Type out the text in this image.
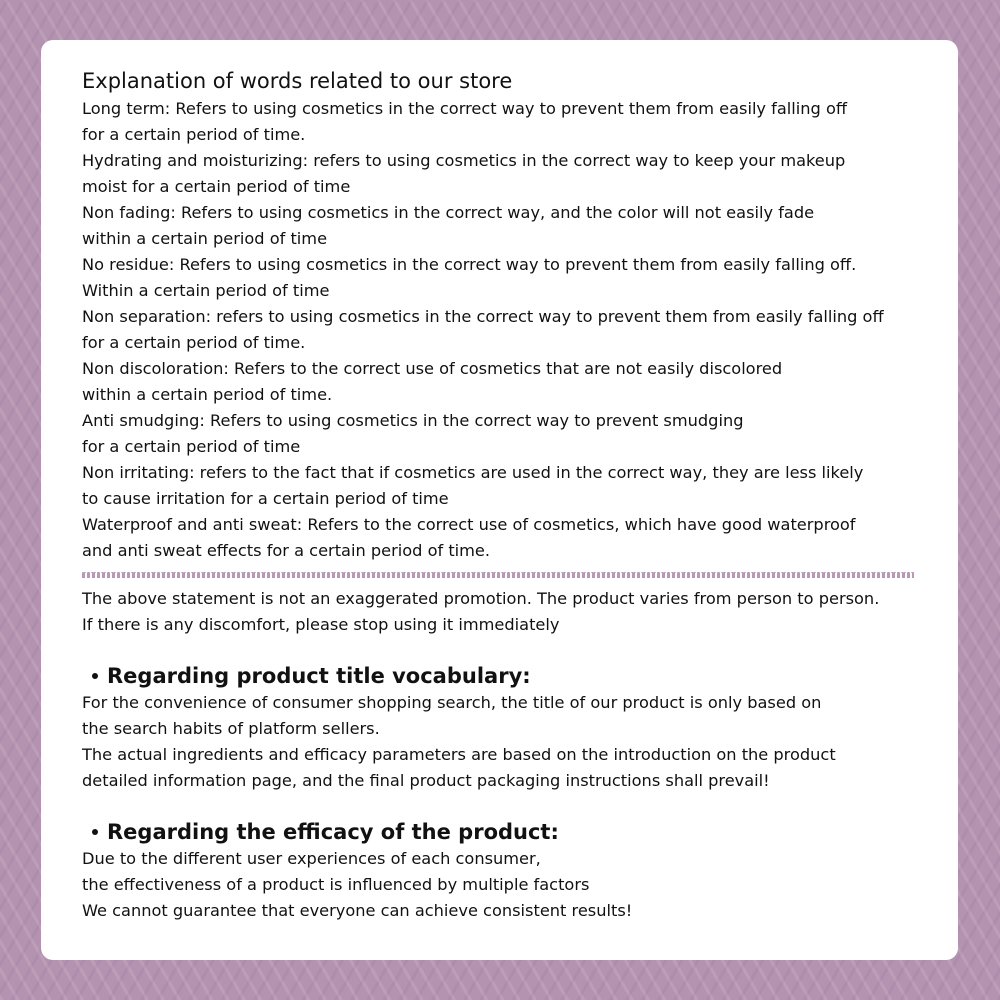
Explanation of words related to our store

Long term: Refers to using cosmetics in the correct way to prevent them from easily falling off

for a certain period of time.

Hydrating and moisturizing: refers to using cosmetics in the correct way to keep your makeup

moist for a certain period of time

Non fading: Refers to using cosmetics in the correct way, and the color will not easily fade

within a certain period of time

No residue: Refers to using cosmetics in the correct way to prevent them from easily falling off.

Within a certain period of time

Non separation: refers to using cosmetics in the correct way to prevent them from easily falling off

for a certain period of time.

Non discoloration: Refers to the correct use of cosmetics that are not easily discolored

within a certain period of time.

Anti smudging: Refers to using cosmetics in the correct way to prevent smudging

for a certain period of time

Non irritating: refers to the fact that if cosmetics are used in the correct way, they are less likely

to cause irritation for a certain period of time

Waterproof and anti sweat: Refers to the correct use of cosmetics, which have good waterproof

and anti sweat effects for a certain period of time.

The above statement is not an exaggerated promotion. The product varies from person to person.

If there is any discomfort, please stop using it immediately

Regarding product title vocabulary:

For the convenience of consumer shopping search, the title of our product is only based on

the search habits of platform sellers.

The actual ingredients and efficacy parameters are based on the introduction on the product

detailed information page, and the final product packaging instructions shall prevail!

Regarding the efficacy of the product:

Due to the different user experiences of each consumer,

the effectiveness of a product is influenced by multiple factors

We cannot guarantee that everyone can achieve consistent results!
